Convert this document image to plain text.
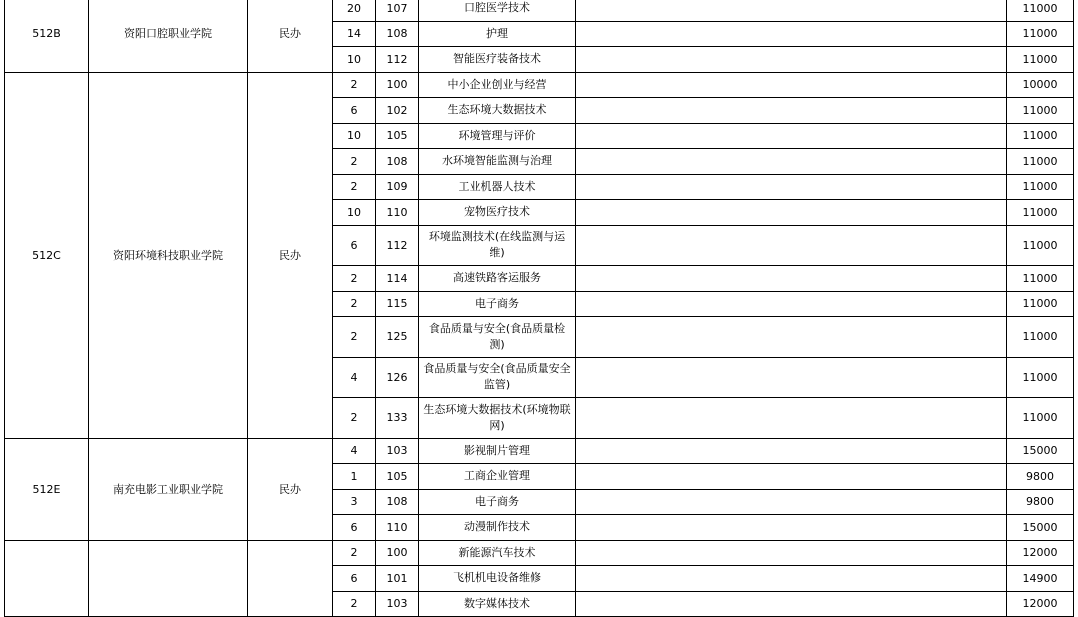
512B	资阳口腔职业学院	民办	20	107	口腔医学技术		11000
			14	108	护理		11000
			10	112	智能医疗装备技术		11000
512C	资阳环境科技职业学院	民办	2	100	中小企业创业与经营		10000
			6	102	生态环境大数据技术		11000
			10	105	环境管理与评价		11000
			2	108	水环境智能监测与治理		11000
			2	109	工业机器人技术		11000
			10	110	宠物医疗技术		11000
			6	112	环境监测技术(在线监测与运维)		11000
			2	114	高速铁路客运服务		11000
			2	115	电子商务		11000
			2	125	食品质量与安全(食品质量检测)		11000
			4	126	食品质量与安全(食品质量安全监管)		11000
			2	133	生态环境大数据技术(环境物联网)		11000
512E	南充电影工业职业学院	民办	4	103	影视制片管理		15000
			1	105	工商企业管理		9800
			3	108	电子商务		9800
			6	110	动漫制作技术		15000
			2	100	新能源汽车技术		12000
			6	101	飞机机电设备维修		14900
			2	103	数字媒体技术		12000
